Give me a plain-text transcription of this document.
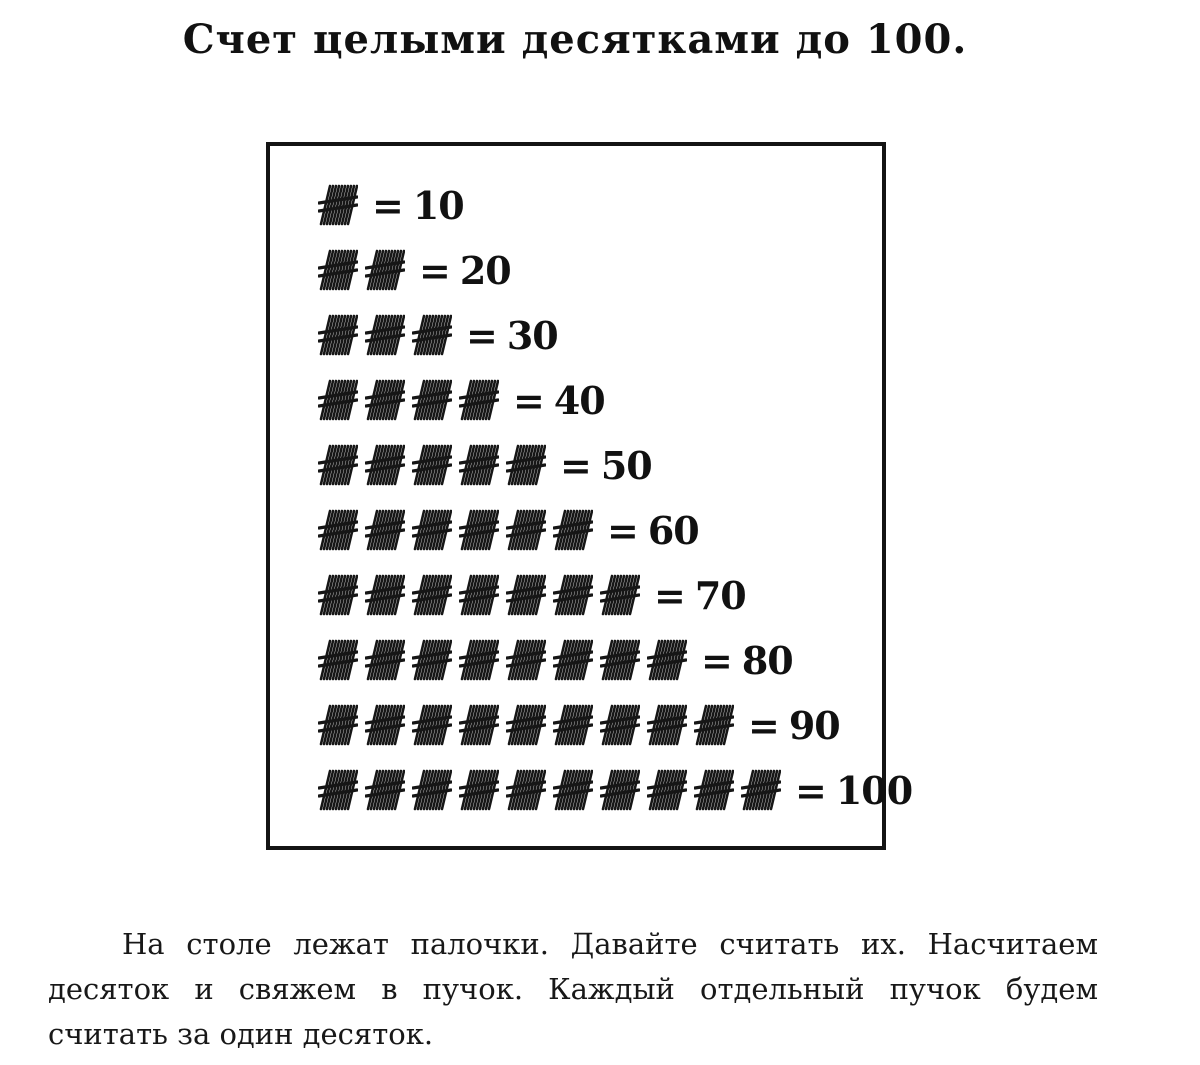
Счет целыми десятками до 100.
= 10
= 20
= 30
= 40
= 50
= 60
= 70
= 80
= 90
= 100

На столе лежат палочки. Давайте считать их. Насчитаем десяток и свяжем в пучок. Каждый отдельный пучок будем считать за один десяток.
